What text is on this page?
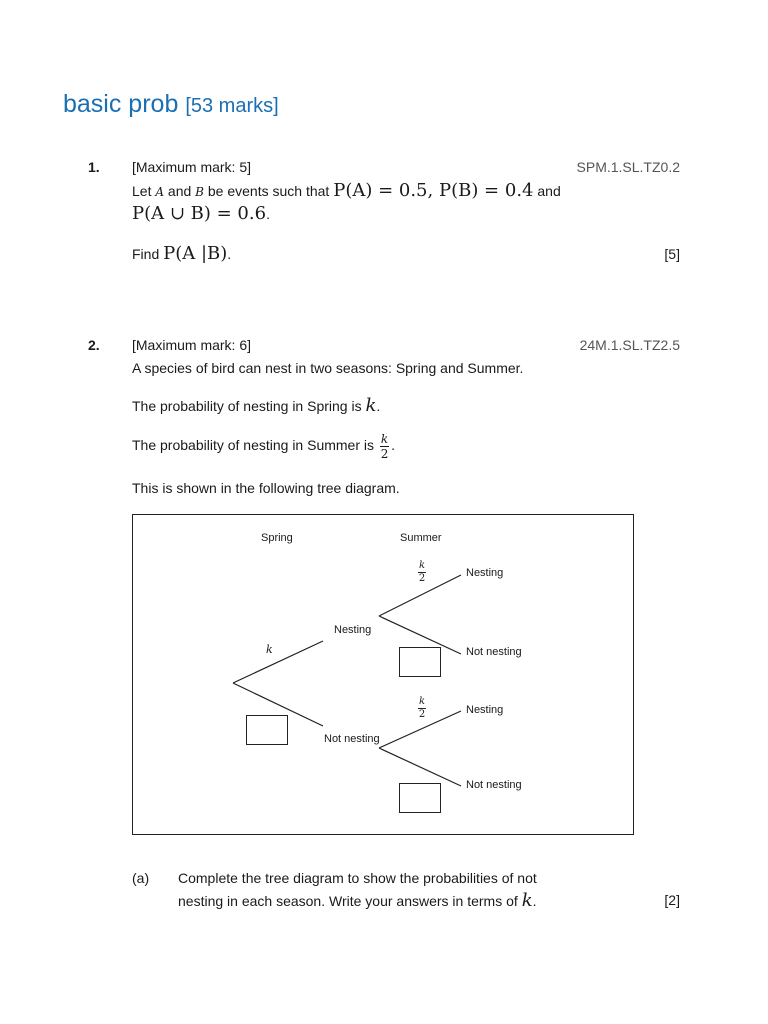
basic prob [53 marks]
1. [Maximum mark: 5]	SPM.1.SL.TZ0.2
Let A and B be events such that P(A) = 0.5, P(B) = 0.4 and
P(A ∪ B) = 0.6.
Find P(A |B).	[5]
2. [Maximum mark: 6]	24M.1.SL.TZ2.5
A species of bird can nest in two seasons: Spring and Summer.
The probability of nesting in Spring is k.
The probability of nesting in Summer is $\frac{k}{2}$ .
This is shown in the following tree diagram.
Spring	Summer
k
$\frac{k}{2}$
$\frac{k}{2}$
Nesting
Not nesting
Nesting
Not nesting
Nesting
Not nesting
(a) Complete the tree diagram to show the probabilities of not
nesting in each season. Write your answers in terms of k.	[2]
